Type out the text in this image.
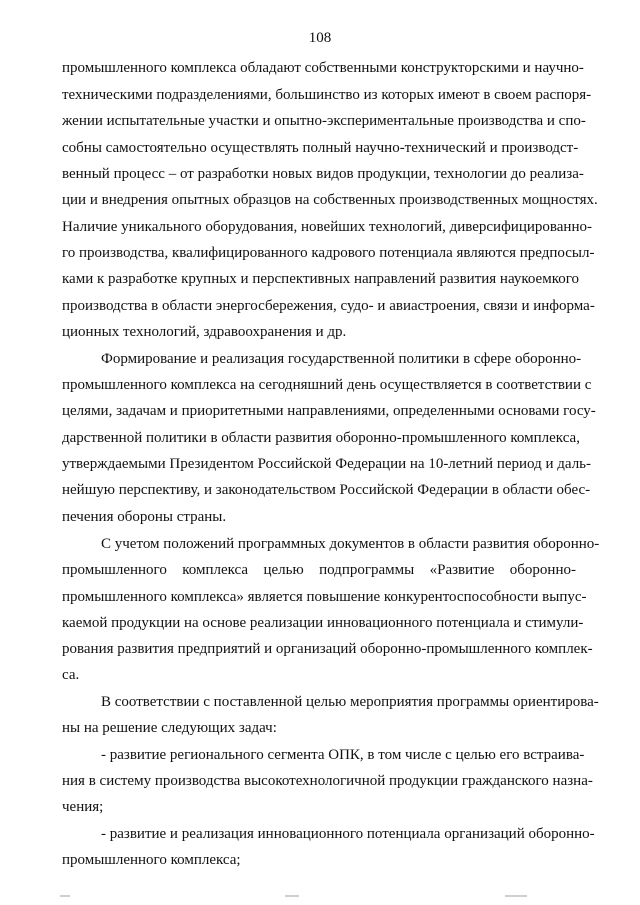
108
промышленного комплекса обладают собственными конструкторскими и научно-
техническими подразделениями, большинство из которых имеют в своем распоря-
жении испытательные участки и опытно-экспериментальные производства и спо-
собны самостоятельно осуществлять полный научно-технический и производст-
венный процесс – от разработки новых видов продукции, технологии до реализа-
ции и внедрения опытных образцов на собственных производственных мощностях.
Наличие уникального оборудования, новейших технологий, диверсифицированно-
го производства, квалифицированного кадрового потенциала являются предпосыл-
ками к разработке крупных и перспективных направлений развития наукоемкого
производства в области энергосбережения, судо- и авиастроения, связи и информа-
ционных технологий, здравоохранения и др.
Формирование и реализация государственной политики в сфере оборонно-
промышленного комплекса на сегодняшний день осуществляется в соответствии с
целями, задачам и приоритетными направлениями, определенными основами госу-
дарственной политики в области развития оборонно-промышленного комплекса,
утверждаемыми Президентом Российской Федерации на 10-летний период и даль-
нейшую перспективу, и законодательством Российской Федерации в области обес-
печения обороны страны.
С учетом положений программных документов в области развития оборонно-
промышленного комплекса целью подпрограммы «Развитие оборонно-
промышленного комплекса» является повышение конкурентоспособности выпус-
каемой продукции на основе реализации инновационного потенциала и стимули-
рования развития предприятий и организаций оборонно-промышленного комплек-
са.
В соответствии с поставленной целью мероприятия программы ориентирова-
ны на решение следующих задач:
- развитие регионального сегмента ОПК, в том числе с целью его встраива-
ния в систему производства высокотехнологичной продукции гражданского назна-
чения;
- развитие и реализация инновационного потенциала организаций оборонно-
промышленного комплекса;
